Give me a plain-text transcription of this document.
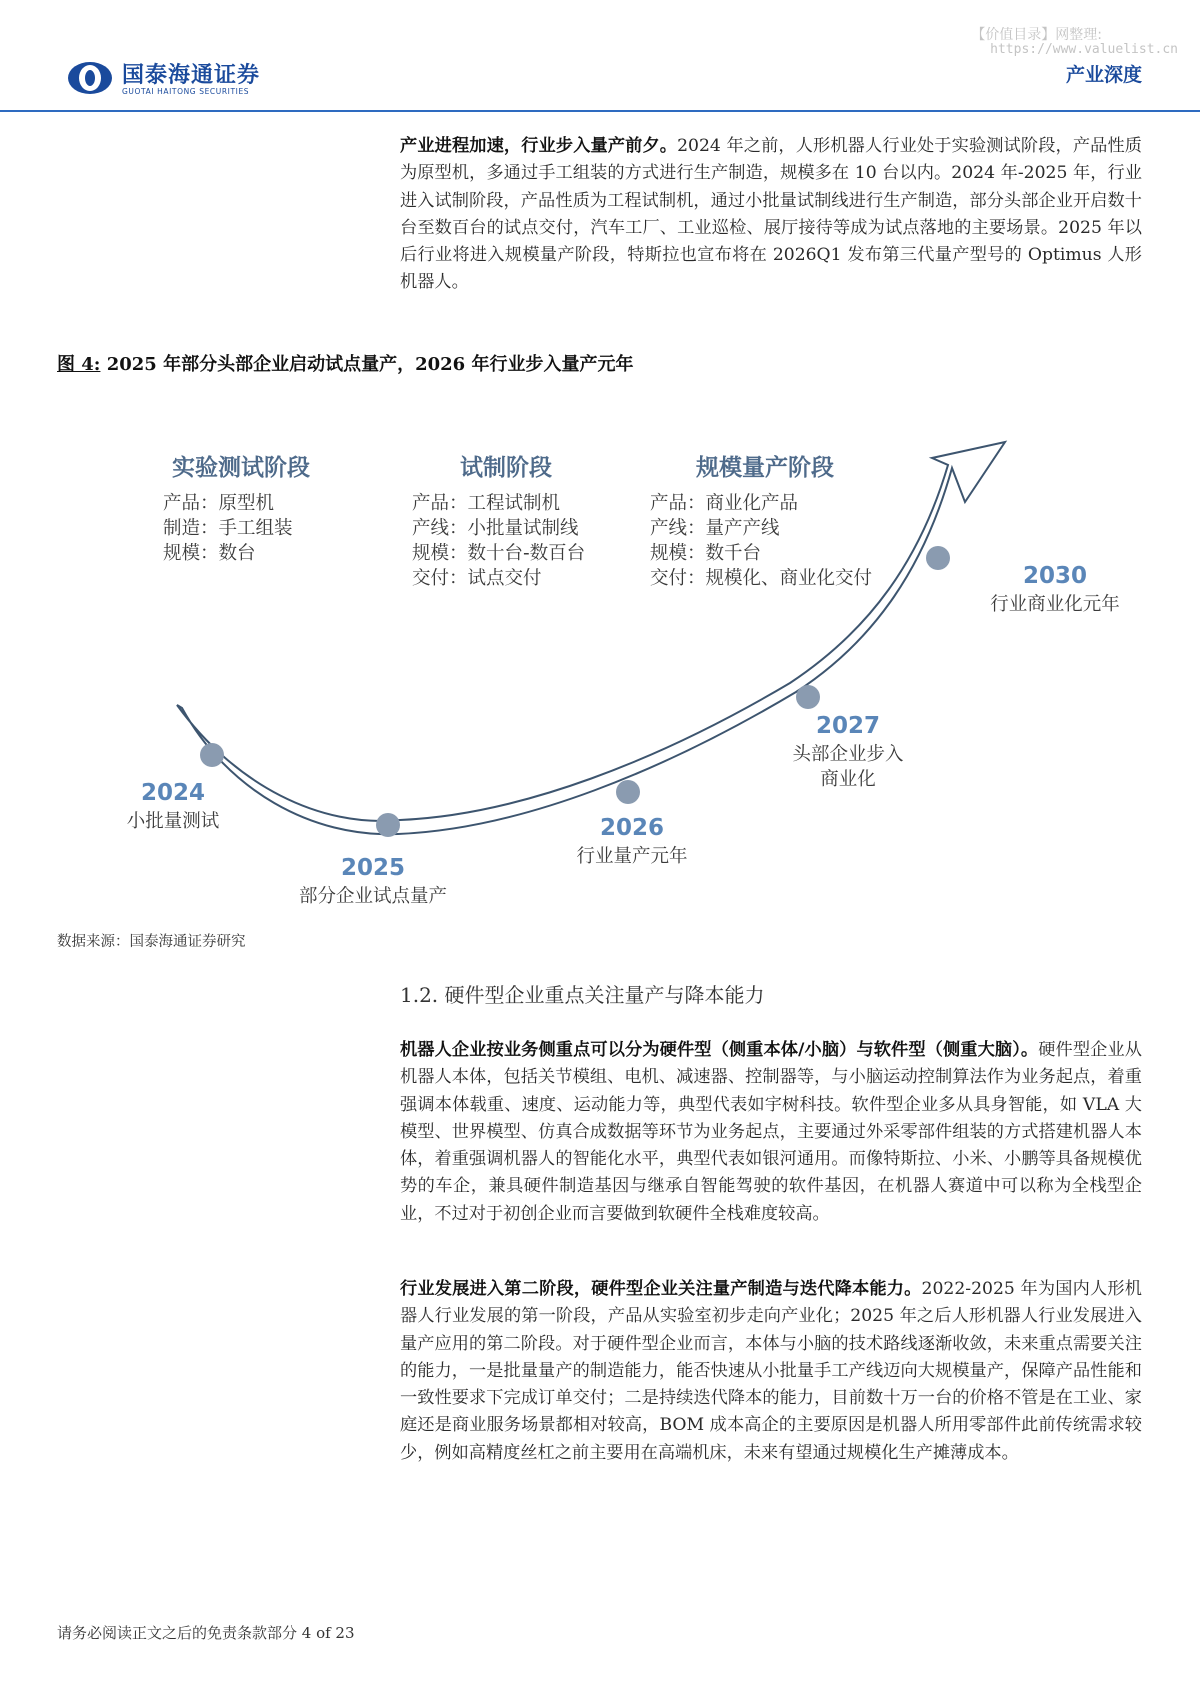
国泰海通证券
GUOTAI HAITONG SECURITIES
【价值目录】网整理:
https://www.valuelist.cn
产业深度
产业进程加速，行业步入量产前夕。2024 年之前，人形机器人行业处于实验测试阶段，产品性质为原型机，多通过手工组装的方式进行生产制造，规模多在 10 台以内。2024 年-2025 年，行业进入试制阶段，产品性质为工程试制机，通过小批量试制线进行生产制造，部分头部企业开启数十台至数百台的试点交付，汽车工厂、工业巡检、展厅接待等成为试点落地的主要场景。2025 年以后行业将进入规模量产阶段，特斯拉也宣布将在 2026Q1 发布第三代量产型号的 Optimus 人形机器人。
图 4: 2025 年部分头部企业启动试点量产，2026 年行业步入量产元年
实验测试阶段
产品：原型机
制造：手工组装
规模：数台
试制阶段
产品：工程试制机
产线：小批量试制线
规模：数十台-数百台
交付：试点交付
规模量产阶段
产品：商业化产品
产线：量产产线
规模：数千台
交付：规模化、商业化交付
2024
小批量测试
2025
部分企业试点量产
2026
行业量产元年
2027
头部企业步入
商业化
2030
行业商业化元年
数据来源：国泰海通证券研究
1.2. 硬件型企业重点关注量产与降本能力
机器人企业按业务侧重点可以分为硬件型（侧重本体/小脑）与软件型（侧重大脑）。硬件型企业从机器人本体，包括关节模组、电机、减速器、控制器等，与小脑运动控制算法作为业务起点，着重强调本体载重、速度、运动能力等，典型代表如宇树科技。软件型企业多从具身智能，如 VLA 大模型、世界模型、仿真合成数据等环节为业务起点，主要通过外采零部件组装的方式搭建机器人本体，着重强调机器人的智能化水平，典型代表如银河通用。而像特斯拉、小米、小鹏等具备规模优势的车企，兼具硬件制造基因与继承自智能驾驶的软件基因，在机器人赛道中可以称为全栈型企业，不过对于初创企业而言要做到软硬件全栈难度较高。
行业发展进入第二阶段，硬件型企业关注量产制造与迭代降本能力。2022-2025 年为国内人形机器人行业发展的第一阶段，产品从实验室初步走向产业化；2025 年之后人形机器人行业发展进入量产应用的第二阶段。对于硬件型企业而言，本体与小脑的技术路线逐渐收敛，未来重点需要关注的能力，一是批量量产的制造能力，能否快速从小批量手工产线迈向大规模量产，保障产品性能和一致性要求下完成订单交付；二是持续迭代降本的能力，目前数十万一台的价格不管是在工业、家庭还是商业服务场景都相对较高，BOM 成本高企的主要原因是机器人所用零部件此前传统需求较少，例如高精度丝杠之前主要用在高端机床，未来有望通过规模化生产摊薄成本。
请务必阅读正文之后的免责条款部分 4 of 23
